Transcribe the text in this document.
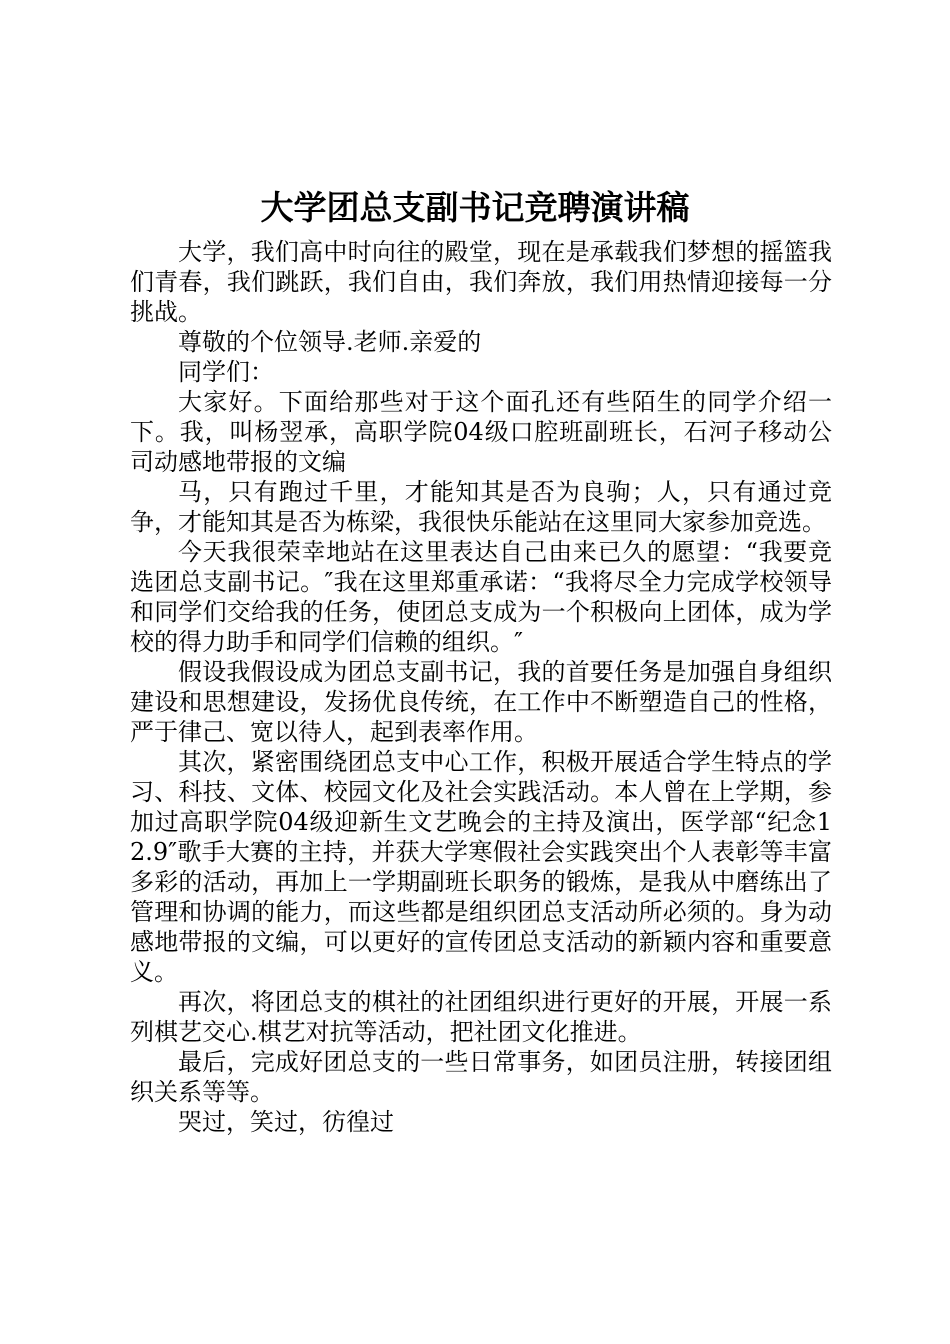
大学团总支副书记竞聘演讲稿

大学，我们高中时向往的殿堂，现在是承载我们梦想的摇篮我们青春，我们跳跃，我们自由，我们奔放，我们用热情迎接每一分挑战。

尊敬的个位领导.老师.亲爱的

同学们：

大家好。下面给那些对于这个面孔还有些陌生的同学介绍一下。我，叫杨翌承，高职学院04级口腔班副班长，石河子移动公司动感地带报的文编

马，只有跑过千里，才能知其是否为良驹；人，只有通过竞争，才能知其是否为栋梁，我很快乐能站在这里同大家参加竞选。

今天我很荣幸地站在这里表达自己由来已久的愿望：“我要竞选团总支副书记。″我在这里郑重承诺：“我将尽全力完成学校领导和同学们交给我的任务，使团总支成为一个积极向上团体，成为学校的得力助手和同学们信赖的组织。″

假设我假设成为团总支副书记，我的首要任务是加强自身组织建设和思想建设，发扬优良传统，在工作中不断塑造自己的性格，严于律己、宽以待人，起到表率作用。

其次，紧密围绕团总支中心工作，积极开展适合学生特点的学习、科技、文体、校园文化及社会实践活动。本人曾在上学期，参加过高职学院04级迎新生文艺晚会的主持及演出，医学部“纪念12.9″歌手大赛的主持，并获大学寒假社会实践突出个人表彰等丰富多彩的活动，再加上一学期副班长职务的锻炼，是我从中磨练出了管理和协调的能力，而这些都是组织团总支活动所必须的。身为动感地带报的文编，可以更好的宣传团总支活动的新颖内容和重要意义。

再次，将团总支的棋社的社团组织进行更好的开展，开展一系列棋艺交心.棋艺对抗等活动，把社团文化推进。

最后，完成好团总支的一些日常事务，如团员注册，转接团组织关系等等。

哭过，笑过，彷徨过
